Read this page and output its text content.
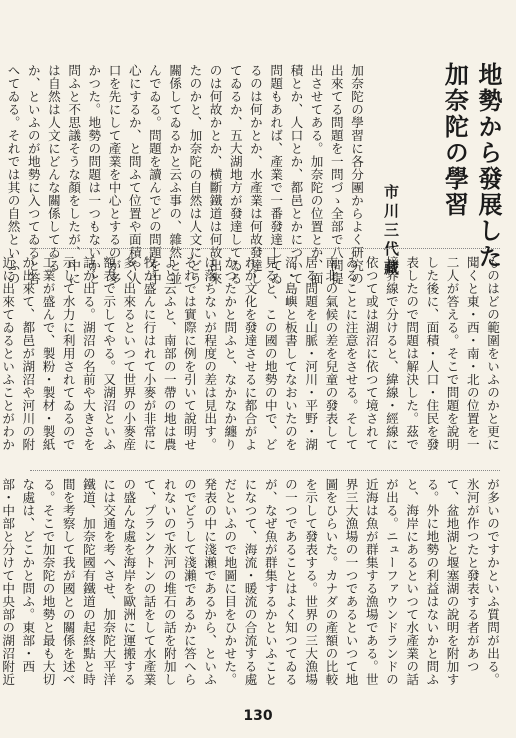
地勢から發展した
加奈陀の學習
市川三代藏
加奈陀の學習に各分團からよく研究の出來てる問題を一問づゝ全部で八問提出させてある。加奈陀の位置とか、面積とか、人口とか、都邑とかについて問題もあれば、產業で一番發達してゐるのは何かとか、水產業は何故發達してゐるか、五大湖地方が發達してゐるのは何故かとか、横斷鐵道は何故出來たのかと、加奈陀の自然は人文にどう關係してゐるかと云ふ事の、雜然と並んでゐる。問題を讀んでどの問題を中心にするか、と問ふて位置や面積や人口を先にして產業を中心とするのが多かつた。地勢の問題は一つもないかと問ふと不思議そうな顏をしたが、中には自然は人文にどんな關係してゐるか、といふのが地勢に入つてゐると答へてゐる。それでは其の自然といふの
ものはどの範圍をいふのかと更に聞くと東・西・南・北の位置を一二人が答える。そこで問題を說明した後に、面積・人口・住民を發表したので問題は解決した。茲で境界線で分けると、緯線・經線に依つて或は湖沼に依つて境されてゐることに注意をさせる。そして南北の氣候の差を兒童の發表して居る問題を山脈・河川・平野・湖沼・島嶼と板書してなおいたのを見ると、この國の地勢の中で、どれが文化を發達させるに都合がよかつたかと問ふと、なかなか纏りは落ちないが程度の差は見出す。それでは實際に例を引いて說明せよと云ふと、南部の一帶の地は農牧が盛んに行はれて小麥が非常に多く出來るといつて世界の小麥産額表で示してやる。又湖沼といふ話が出る。湖沼の名前や大きさを示して水力に利用されてゐるので工業が盛んで、製粉・製材・製紙が出來て、都邑が湖沼や河川の附近に出來てゐるといふことがわか
が多いのですかといふ質問が出る。氷河が作つたと發表する者があつて、盆地湖と堰塞湖の說明を附加する。外に地勢の利益はないかと問ふと、海岸にあるといつて水產業の話が出る。ニューファウンドランドの近海は魚が群集する漁場である。世界三大漁場の一つであるといつて地圖をひらいた。カナダの產額の比較を示して發表する。世界の三大漁場の一つであることはよく知つてゐるが、なぜ魚が群集するかといふことになつて、海流・暖流の合流する處だといふので地圖に目をひかせた。発表の中に淺瀨であるから、といふのでどうして淺瀨であるかに答へられないので氷河の堆石の話を附加して、プランクトンの話をして水產業の盛んな處を海岸を歐洲に運搬するには交通を考へさせ、加奈陀大平洋鐵道、加奈陀國有鐵道の起終點と時間を考察して我が國との關係を述べる。そこで加奈陀の地勢と最も大切な處は、どこかと問ふ。東部・西部・中部と分けて中央部の湖沼附近
130
